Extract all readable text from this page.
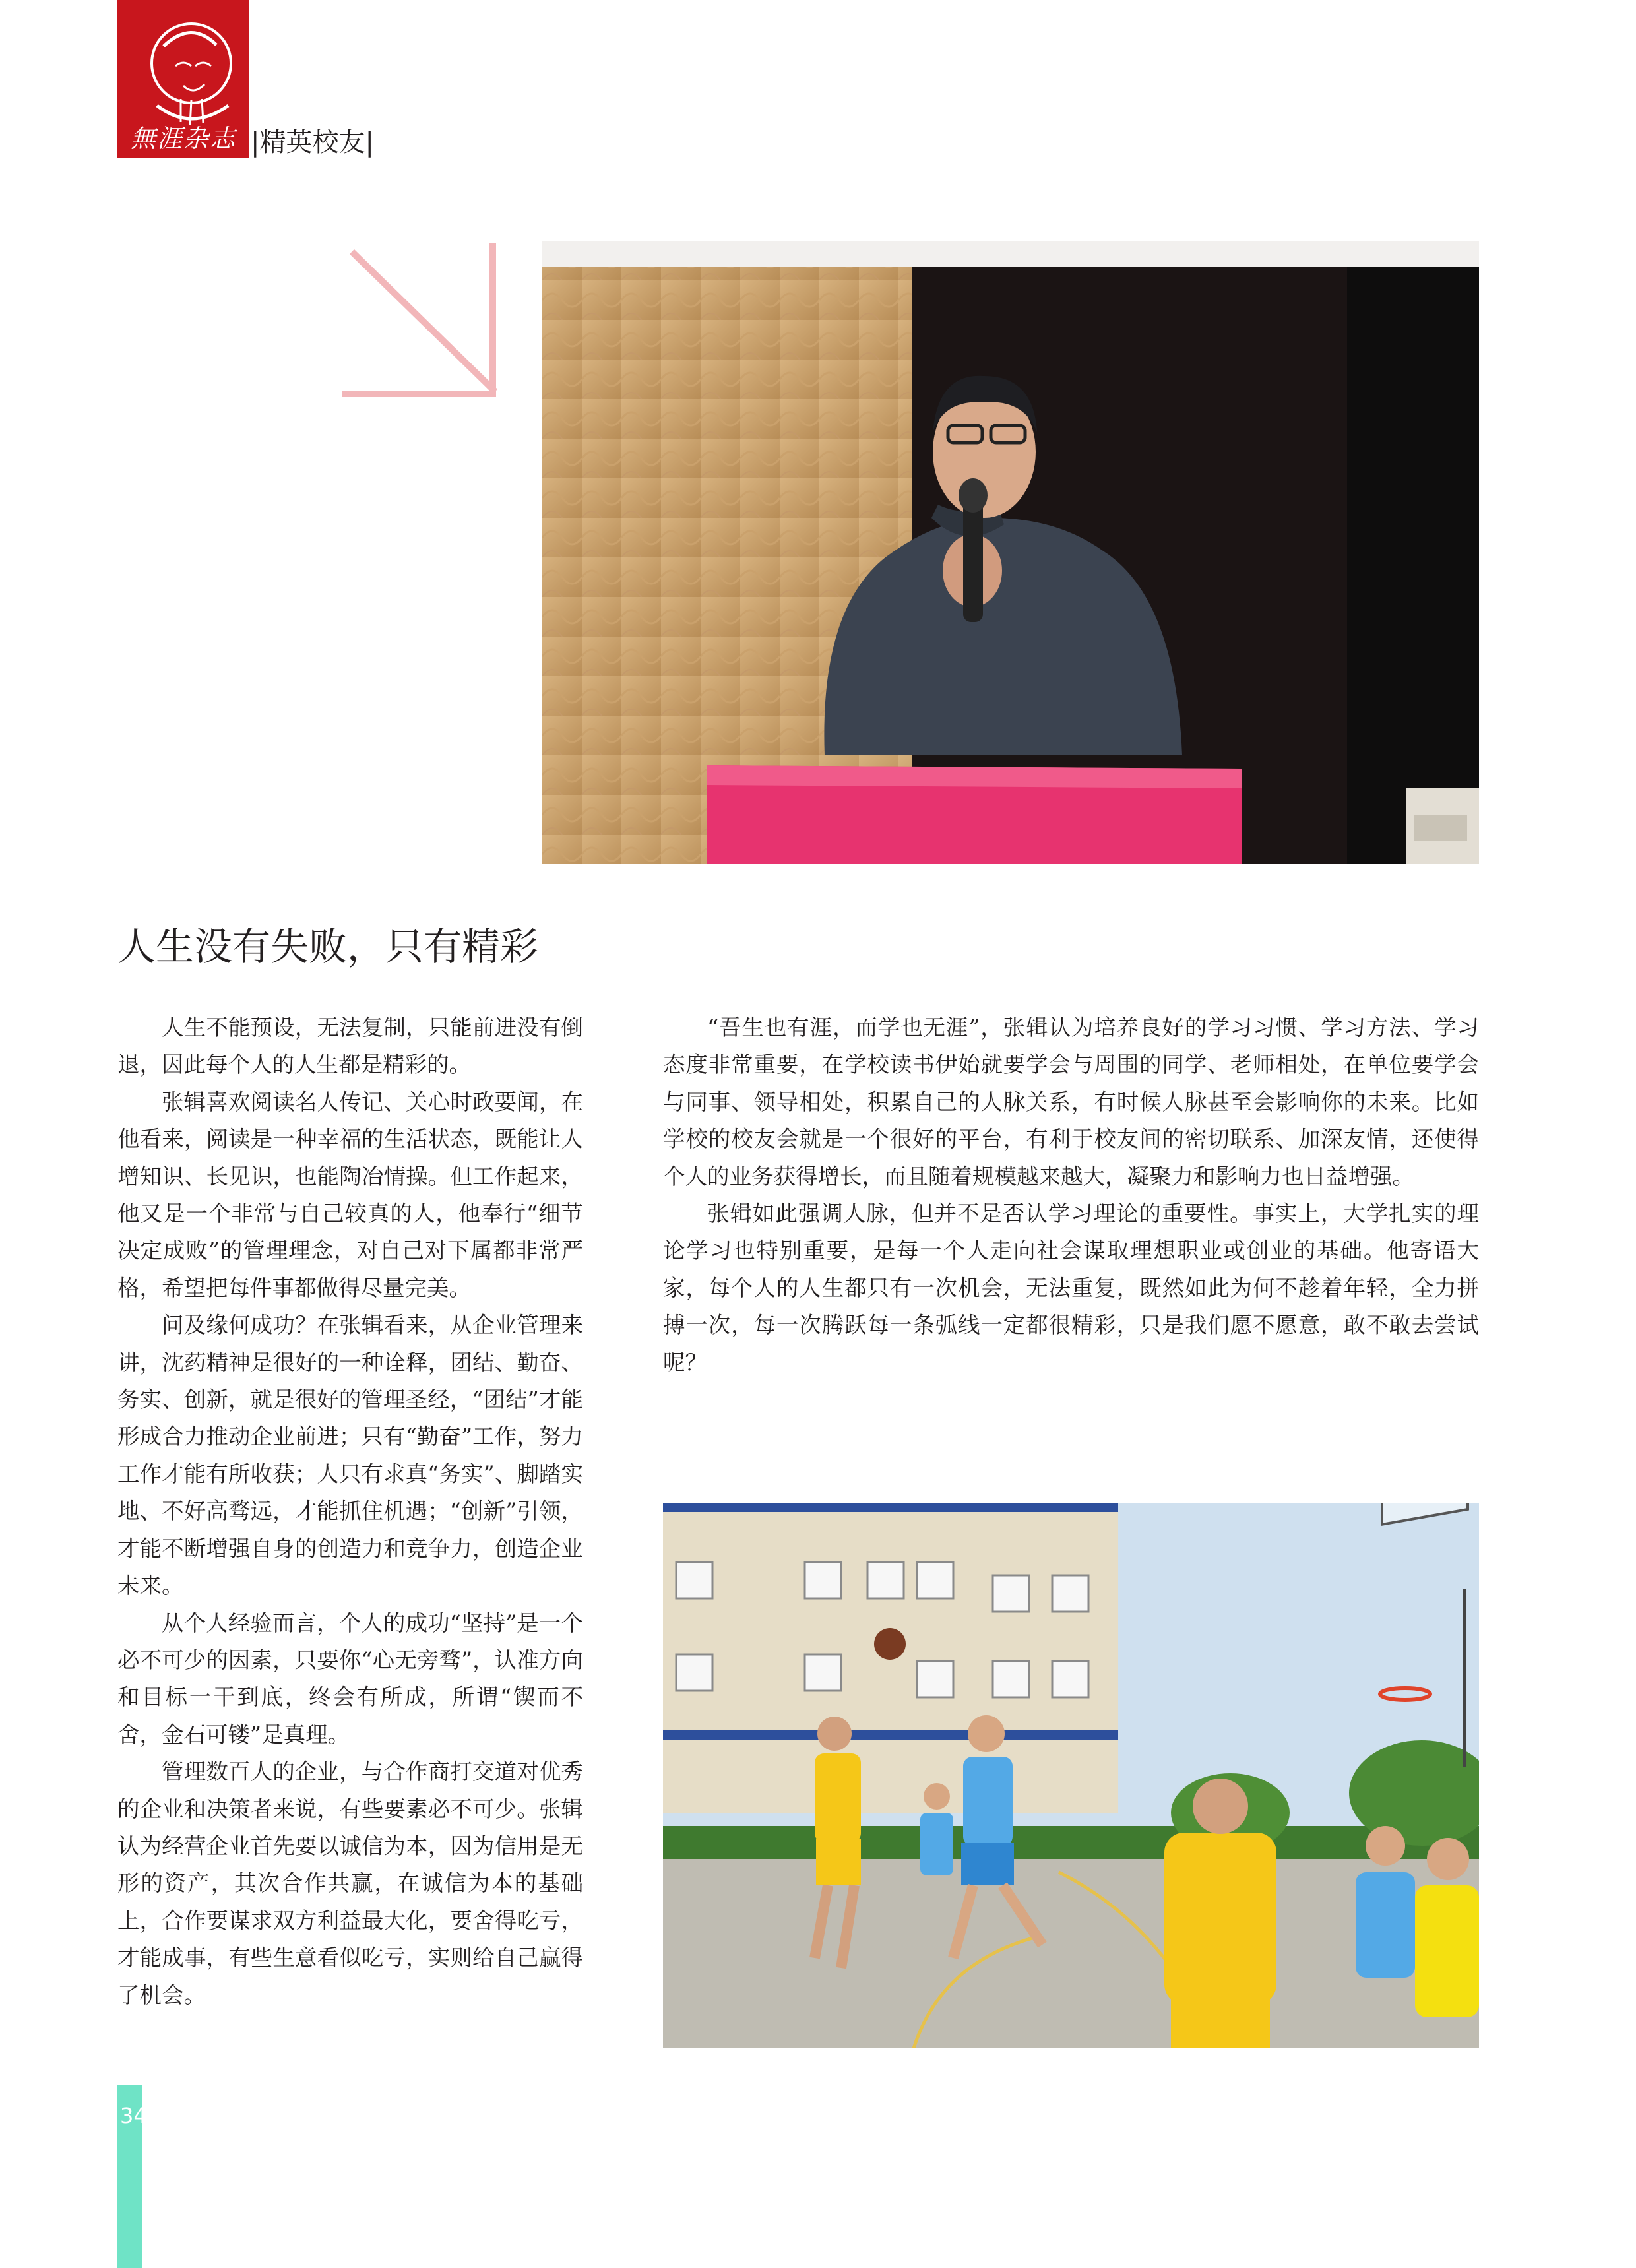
無涯杂志 |精英校友|
人生没有失败，只有精彩

人生不能预设，无法复制，只能前进没有倒退，因此每个人的人生都是精彩的。

张辑喜欢阅读名人传记、关心时政要闻，在他看来，阅读是一种幸福的生活状态，既能让人增知识、长见识，也能陶冶情操。但工作起来，他又是一个非常与自己较真的人，他奉行“细节决定成败”的管理理念，对自己对下属都非常严格，希望把每件事都做得尽量完美。

问及缘何成功？在张辑看来，从企业管理来讲，沈药精神是很好的一种诠释，团结、勤奋、务实、创新，就是很好的管理圣经，“团结”才能形成合力推动企业前进；只有“勤奋”工作，努力工作才能有所收获；人只有求真“务实”、脚踏实地、不好高骛远，才能抓住机遇；“创新”引领，才能不断增强自身的创造力和竞争力，创造企业未来。

从个人经验而言，个人的成功“坚持”是一个必不可少的因素，只要你“心无旁骛”，认准方向和目标一干到底，终会有所成，所谓“锲而不舍，金石可镂”是真理。

管理数百人的企业，与合作商打交道对优秀的企业和决策者来说，有些要素必不可少。张辑认为经营企业首先要以诚信为本，因为信用是无形的资产，其次合作共赢，在诚信为本的基础上，合作要谋求双方利益最大化，要舍得吃亏，才能成事，有些生意看似吃亏，实则给自己赢得了机会。

“吾生也有涯，而学也无涯”，张辑认为培养良好的学习习惯、学习方法、学习态度非常重要，在学校读书伊始就要学会与周围的同学、老师相处，在单位要学会与同事、领导相处，积累自己的人脉关系，有时候人脉甚至会影响你的未来。比如学校的校友会就是一个很好的平台，有利于校友间的密切联系、加深友情，还使得个人的业务获得增长，而且随着规模越来越大，凝聚力和影响力也日益增强。

张辑如此强调人脉，但并不是否认学习理论的重要性。事实上，大学扎实的理论学习也特别重要，是每一个人走向社会谋取理想职业或创业的基础。他寄语大家，每个人的人生都只有一次机会，无法重复，既然如此为何不趁着年轻，全力拼搏一次，每一次腾跃每一条弧线一定都很精彩，只是我们愿不愿意，敢不敢去尝试呢？

34
